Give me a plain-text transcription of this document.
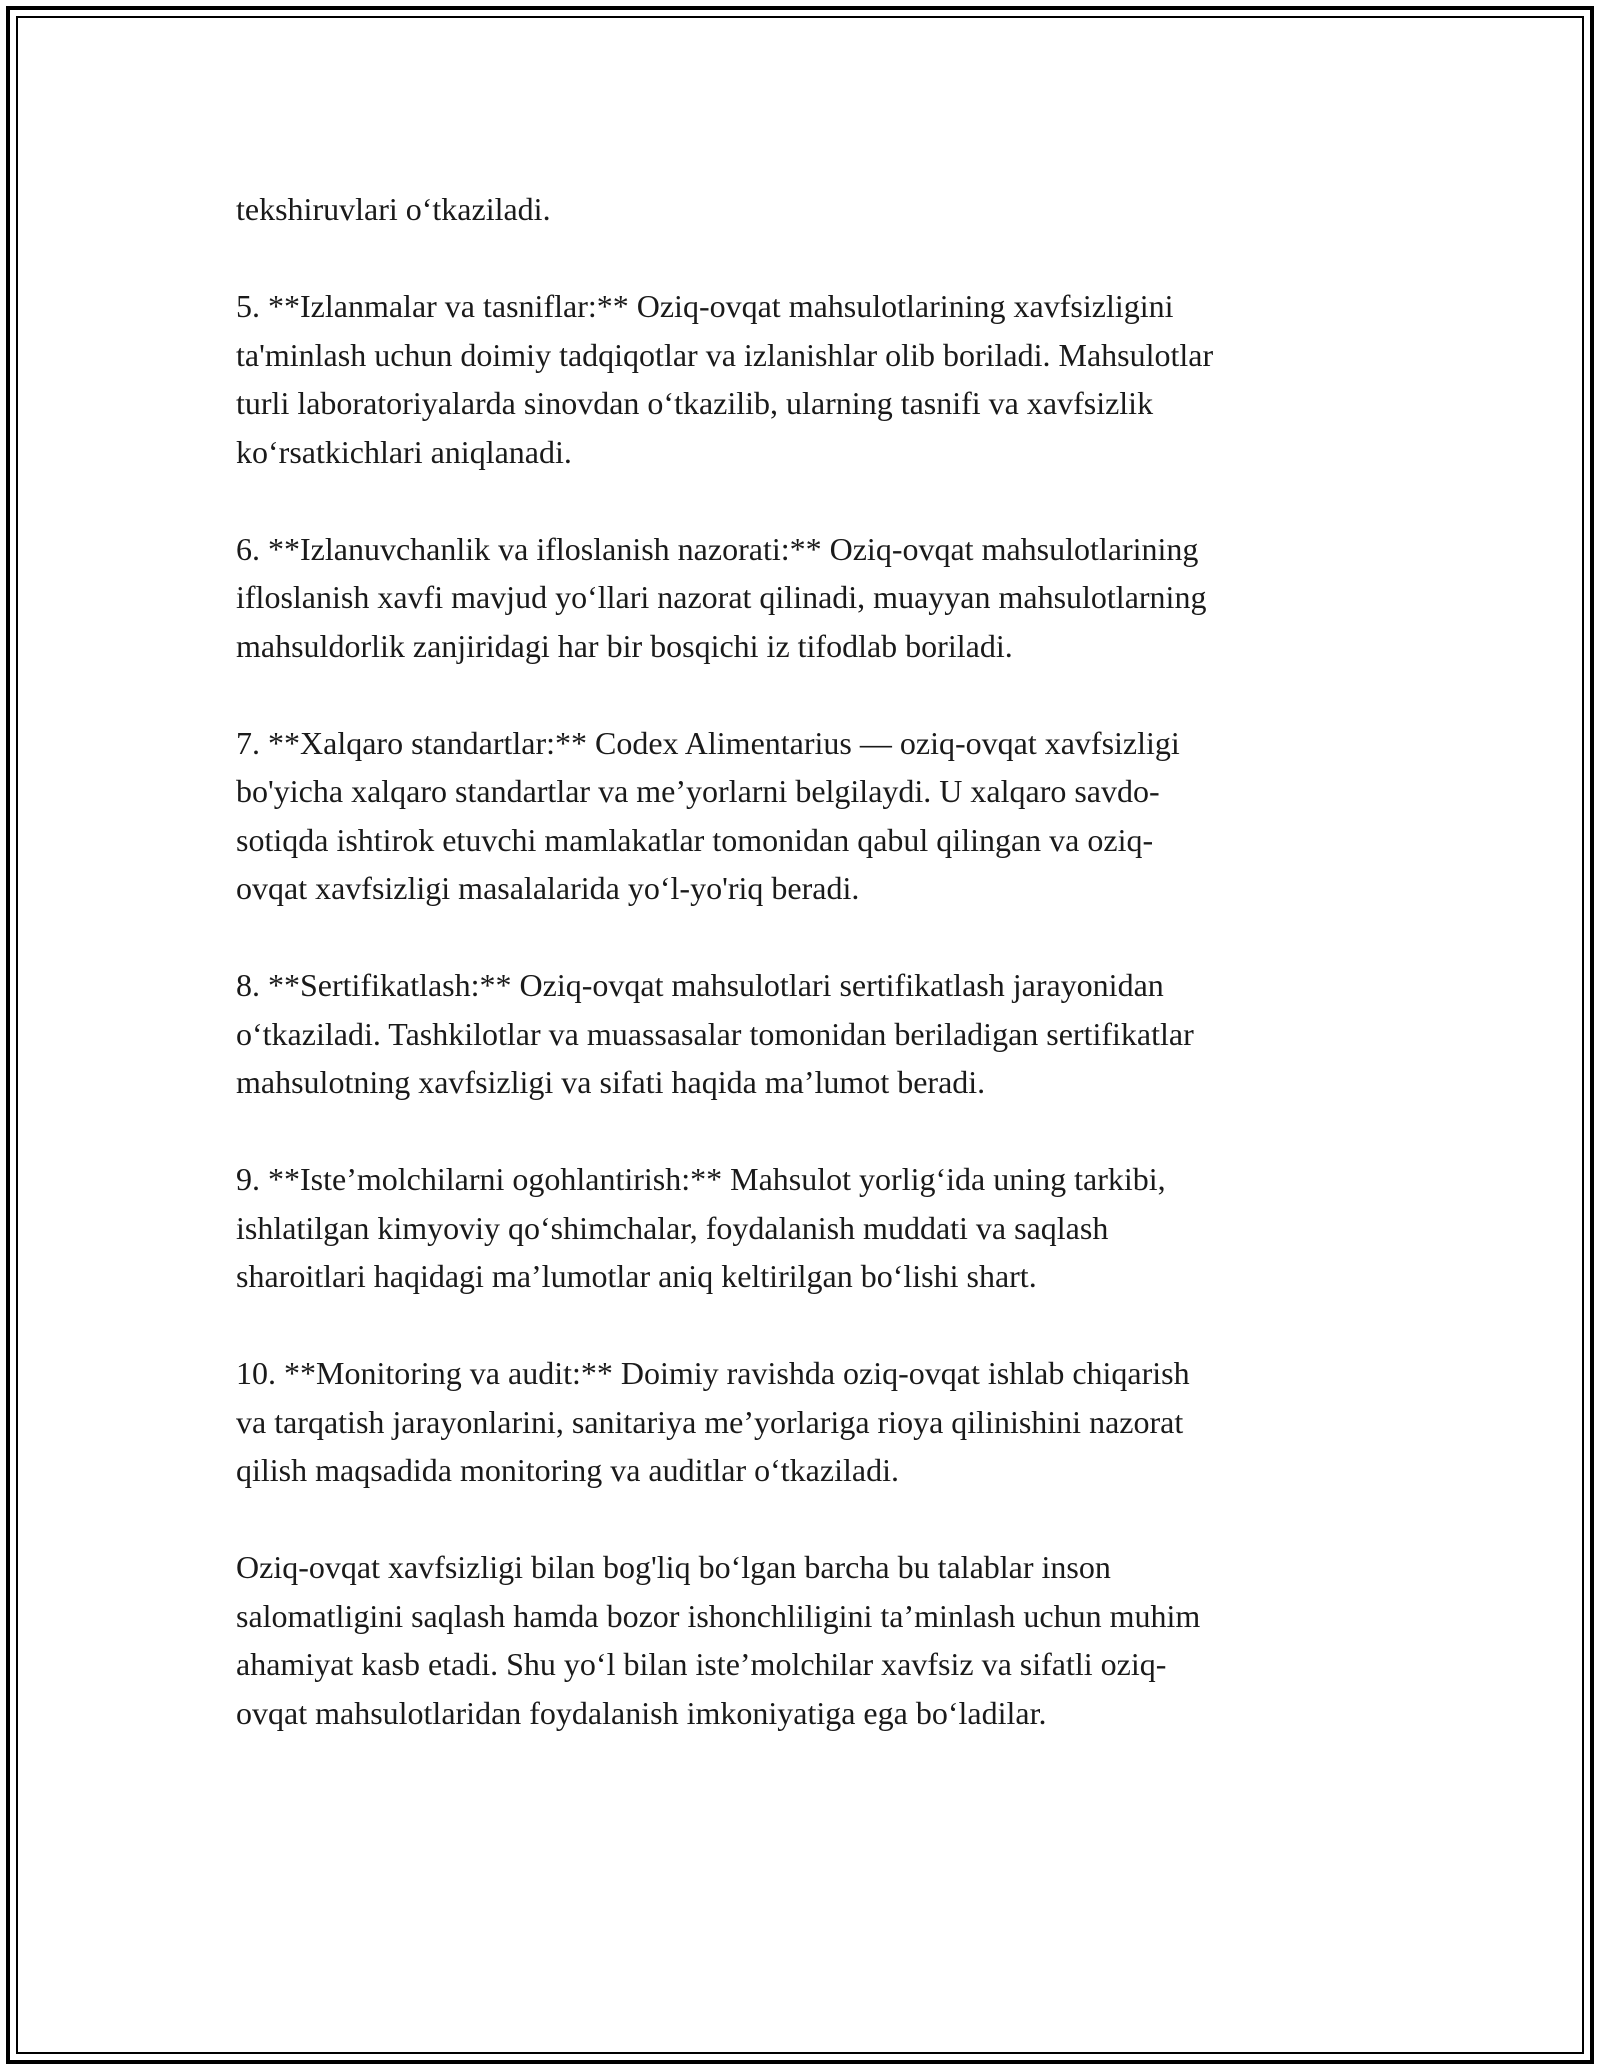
tekshiruvlari o‘tkaziladi.

5. **Izlanmalar va tasniflar:** Oziq-ovqat mahsulotlarining xavfsizligini
ta'minlash uchun doimiy tadqiqotlar va izlanishlar olib boriladi. Mahsulotlar
turli laboratoriyalarda sinovdan o‘tkazilib, ularning tasnifi va xavfsizlik
ko‘rsatkichlari aniqlanadi.

6. **Izlanuvchanlik va ifloslanish nazorati:** Oziq-ovqat mahsulotlarining
ifloslanish xavfi mavjud yo‘llari nazorat qilinadi, muayyan mahsulotlarning
mahsuldorlik zanjiridagi har bir bosqichi iz tifodlab boriladi.

7. **Xalqaro standartlar:** Codex Alimentarius — oziq-ovqat xavfsizligi
bo'yicha xalqaro standartlar va me’yorlarni belgilaydi. U xalqaro savdo-
sotiqda ishtirok etuvchi mamlakatlar tomonidan qabul qilingan va oziq-
ovqat xavfsizligi masalalarida yo‘l-yo'riq beradi.

8. **Sertifikatlash:** Oziq-ovqat mahsulotlari sertifikatlash jarayonidan
o‘tkaziladi. Tashkilotlar va muassasalar tomonidan beriladigan sertifikatlar
mahsulotning xavfsizligi va sifati haqida ma’lumot beradi.

9. **Iste’molchilarni ogohlantirish:** Mahsulot yorlig‘ida uning tarkibi,
ishlatilgan kimyoviy qo‘shimchalar, foydalanish muddati va saqlash
sharoitlari haqidagi ma’lumotlar aniq keltirilgan bo‘lishi shart.

10. **Monitoring va audit:** Doimiy ravishda oziq-ovqat ishlab chiqarish
va tarqatish jarayonlarini, sanitariya me’yorlariga rioya qilinishini nazorat
qilish maqsadida monitoring va auditlar o‘tkaziladi.

Oziq-ovqat xavfsizligi bilan bog'liq bo‘lgan barcha bu talablar inson
salomatligini saqlash hamda bozor ishonchliligini ta’minlash uchun muhim
ahamiyat kasb etadi. Shu yo‘l bilan iste’molchilar xavfsiz va sifatli oziq-
ovqat mahsulotlaridan foydalanish imkoniyatiga ega bo‘ladilar.
